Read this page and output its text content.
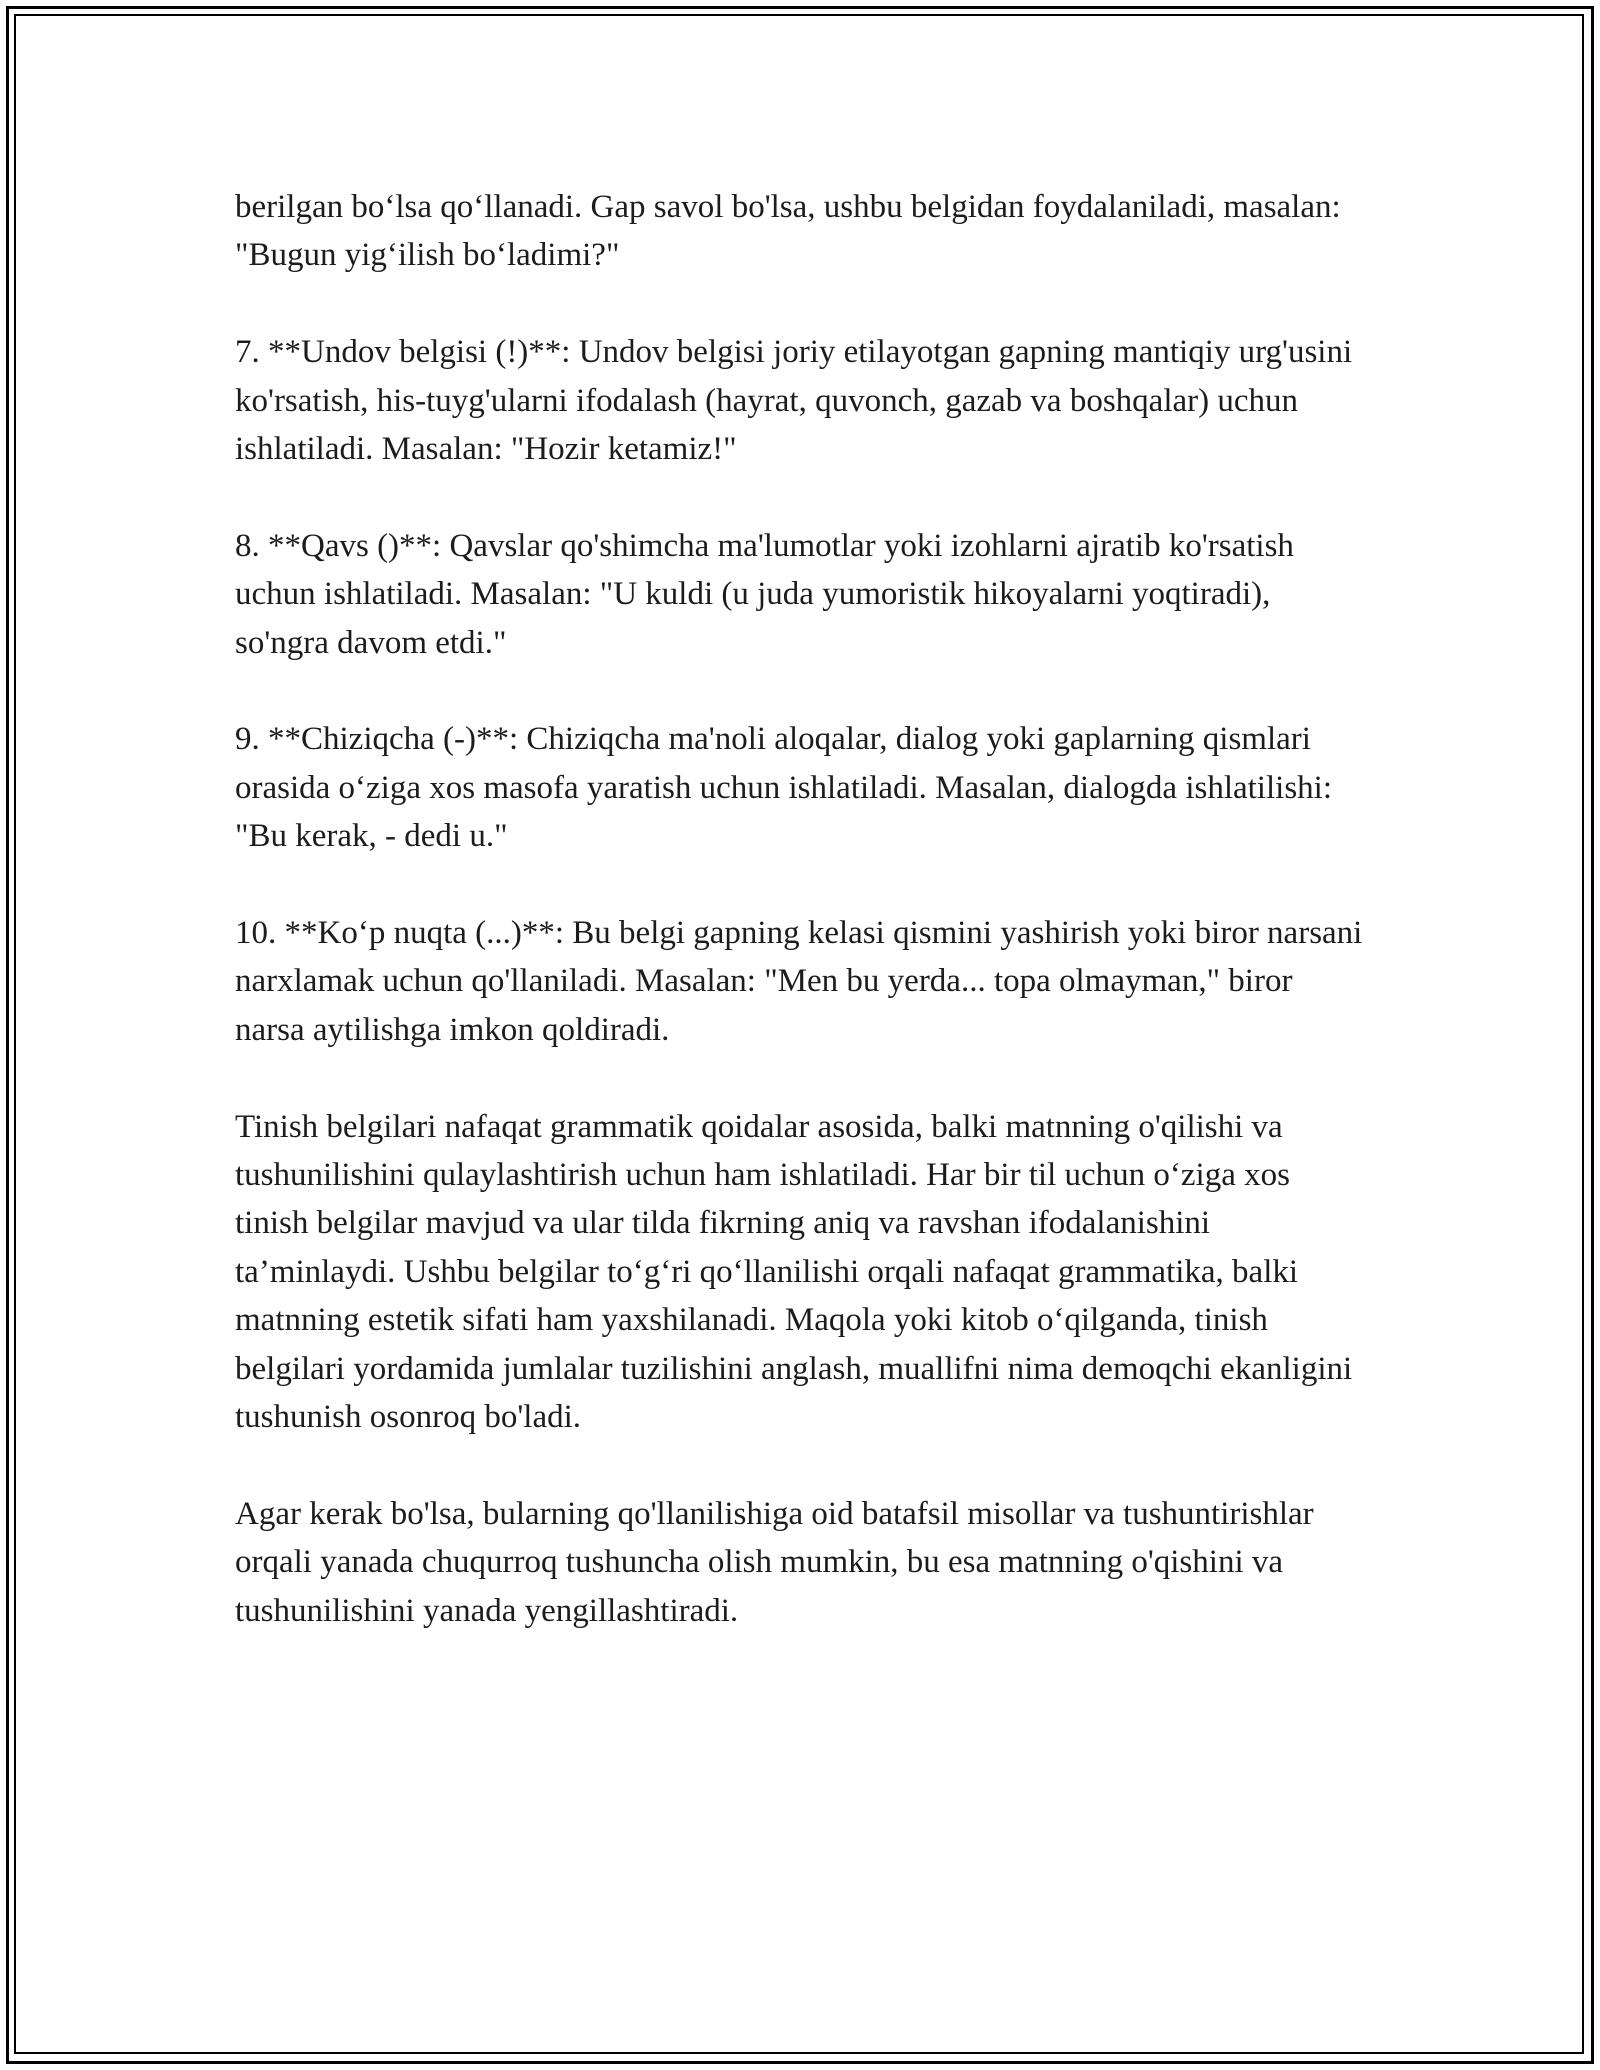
berilgan bo‘lsa qo‘llanadi. Gap savol bo'lsa, ushbu belgidan foydalaniladi, masalan: "Bugun yig‘ilish bo‘ladimi?"

7. **Undov belgisi (!)**: Undov belgisi joriy etilayotgan gapning mantiqiy urg'usini ko'rsatish, his-tuyg'ularni ifodalash (hayrat, quvonch, gazab va boshqalar) uchun ishlatiladi. Masalan: "Hozir ketamiz!"

8. **Qavs ()**: Qavslar qo'shimcha ma'lumotlar yoki izohlarni ajratib ko'rsatish uchun ishlatiladi. Masalan: "U kuldi (u juda yumoristik hikoyalarni yoqtiradi), so'ngra davom etdi."

9. **Chiziqcha (-)**: Chiziqcha ma'noli aloqalar, dialog yoki gaplarning qismlari orasida o‘ziga xos masofa yaratish uchun ishlatiladi. Masalan, dialogda ishlatilishi: "Bu kerak, - dedi u."

10. **Ko‘p nuqta (...)**: Bu belgi gapning kelasi qismini yashirish yoki biror narsani narxlamak uchun qo'llaniladi. Masalan: "Men bu yerda... topa olmayman," biror narsa aytilishga imkon qoldiradi.

Tinish belgilari nafaqat grammatik qoidalar asosida, balki matnning o'qilishi va tushunilishini qulaylashtirish uchun ham ishlatiladi. Har bir til uchun o‘ziga xos tinish belgilar mavjud va ular tilda fikrning aniq va ravshan ifodalanishini ta’minlaydi. Ushbu belgilar to‘g‘ri qo‘llanilishi orqali nafaqat grammatika, balki matnning estetik sifati ham yaxshilanadi. Maqola yoki kitob o‘qilganda, tinish belgilari yordamida jumlalar tuzilishini anglash, muallifni nima demoqchi ekanligini tushunish osonroq bo'ladi.

Agar kerak bo'lsa, bularning qo'llanilishiga oid batafsil misollar va tushuntirishlar orqali yanada chuqurroq tushuncha olish mumkin, bu esa matnning o'qishini va tushunilishini yanada yengillashtiradi.
